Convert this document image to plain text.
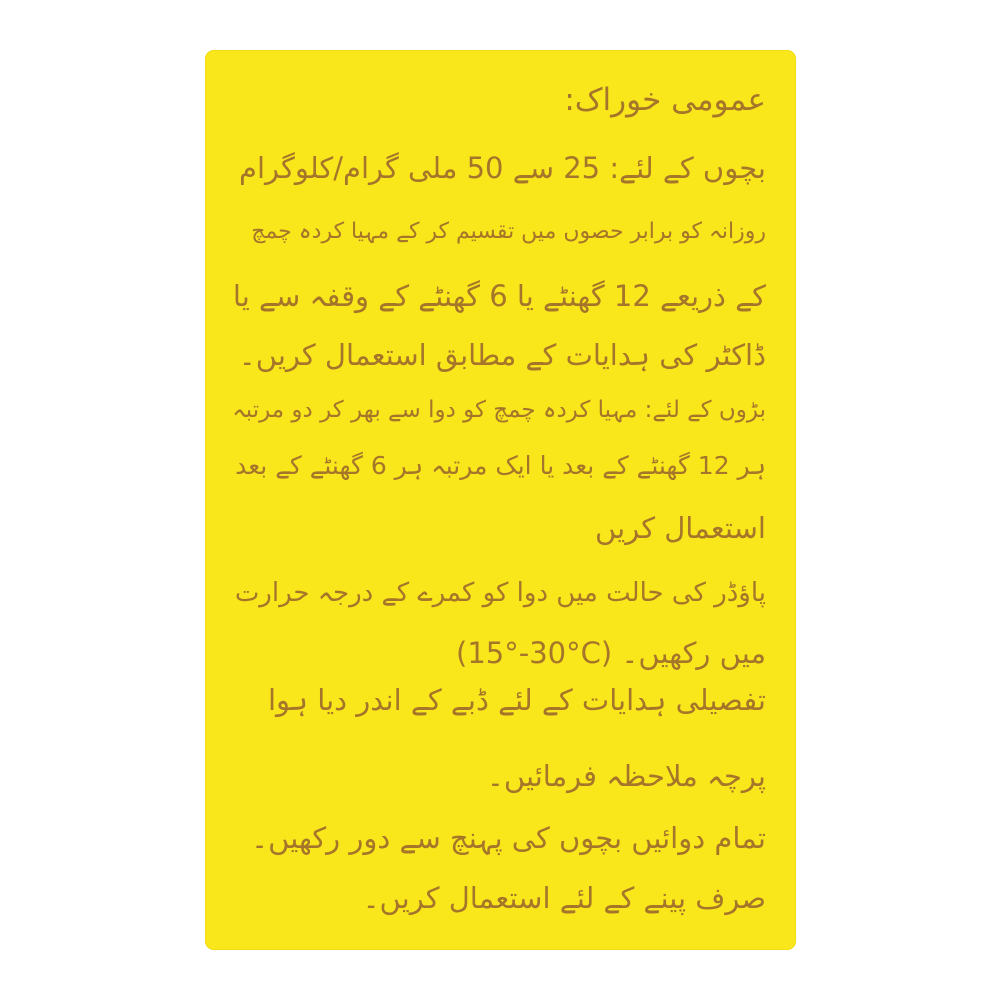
عمومی خوراک:
بچوں کے لئے: 25 سے 50 ملی گرام/کلوگرام
روزانہ کو برابر حصوں میں تقسیم کر کے مہیا کردہ چمچ
کے ذریعے 12 گھنٹے یا 6 گھنٹے کے وقفہ سے یا
ڈاکٹر کی ہدایات کے مطابق استعمال کریں۔
بڑوں کے لئے: مہیا کردہ چمچ کو دوا سے بھر کر دو مرتبہ
ہر 12 گھنٹے کے بعد یا ایک مرتبہ ہر 6 گھنٹے کے بعد
استعمال کریں
پاؤڈر کی حالت میں دوا کو کمرے کے درجہ حرارت
(15°-30°C) میں رکھیں۔
تفصیلی ہدایات کے لئے ڈبے کے اندر دیا ہوا
پرچہ ملاحظہ فرمائیں۔
تمام دوائیں بچوں کی پہنچ سے دور رکھیں۔
صرف پینے کے لئے استعمال کریں۔
